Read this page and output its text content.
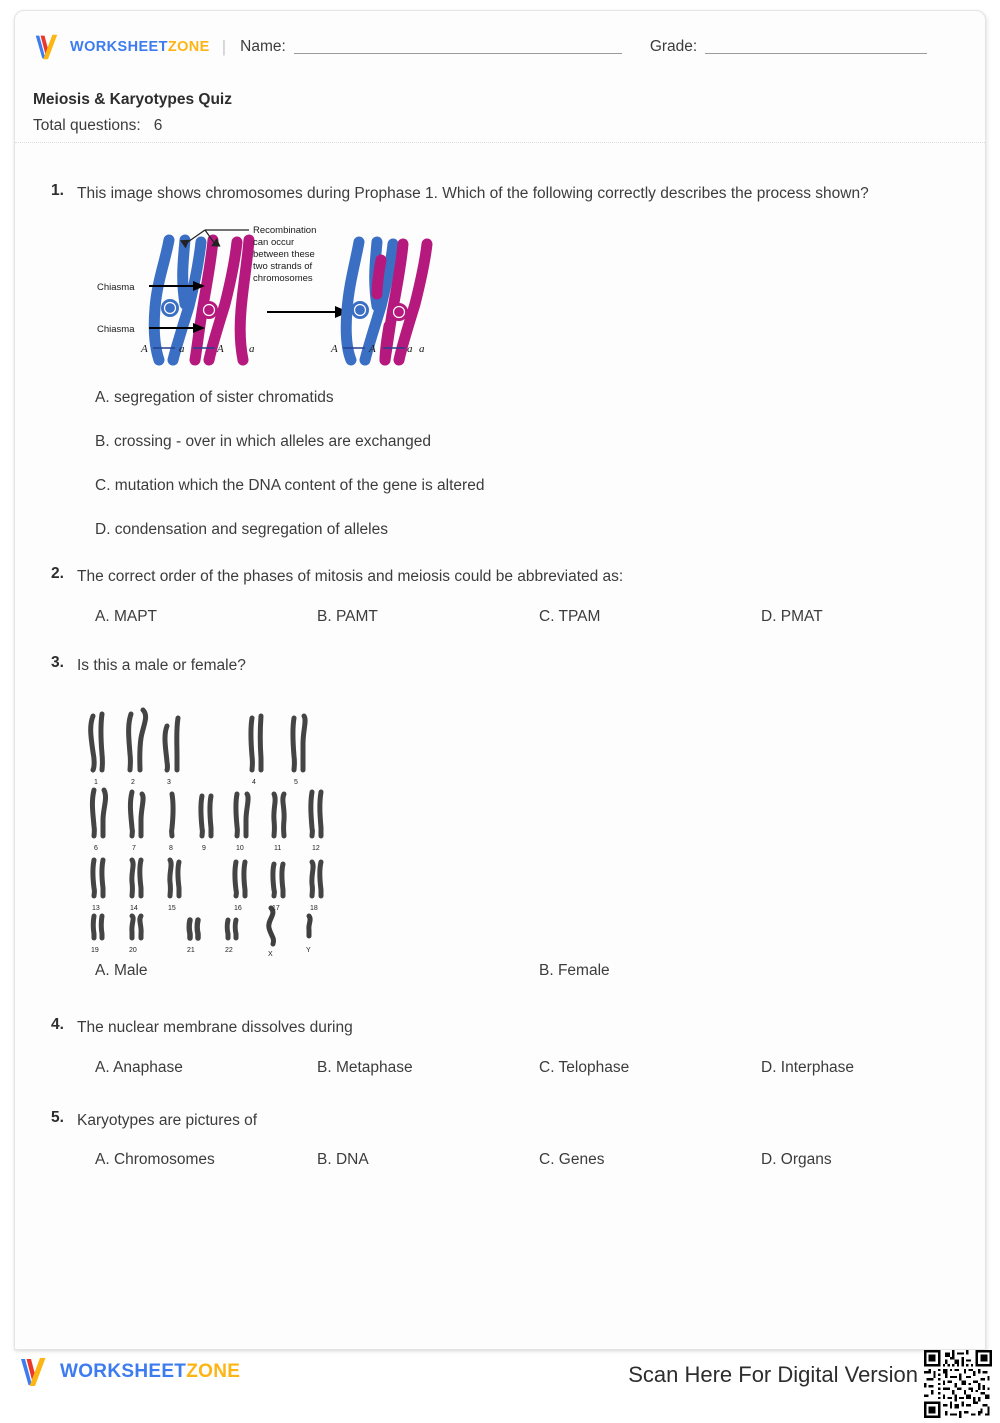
WORKSHEETZONE | Name:	Grade:
Meiosis & Karyotypes Quiz
Total questions: 6
1. This image shows chromosomes during Prophase 1. Which of the following correctly describes the process shown?
A	a	A a	A	A	a a
Chiasma
Chiasma
Recombination
can occur
between these
two strands of
chromosomes
A. segregation of sister chromatids
B. crossing - over in which alleles are exchanged
C. mutation which the DNA content of the gene is altered
D. condensation and segregation of alleles
2. The correct order of the phases of mitosis and meiosis could be abbreviated as:
A. MAPT	B. PAMT	C. TPAM	D. PMAT
3. Is this a male or female?
1	2	3	4	5
6	7	8	9	10	11	12
13	14	15	16	17	18
19	20	21	22
X
Y
A. Male	B. Female
4. The nuclear membrane dissolves during
A. Anaphase	B. Metaphase	C. Telophase	D. Interphase
5. Karyotypes are pictures of
A. Chromosomes	B. DNA	C. Genes	D. Organs
WORKSHEETZONE	Scan Here For Digital Version
